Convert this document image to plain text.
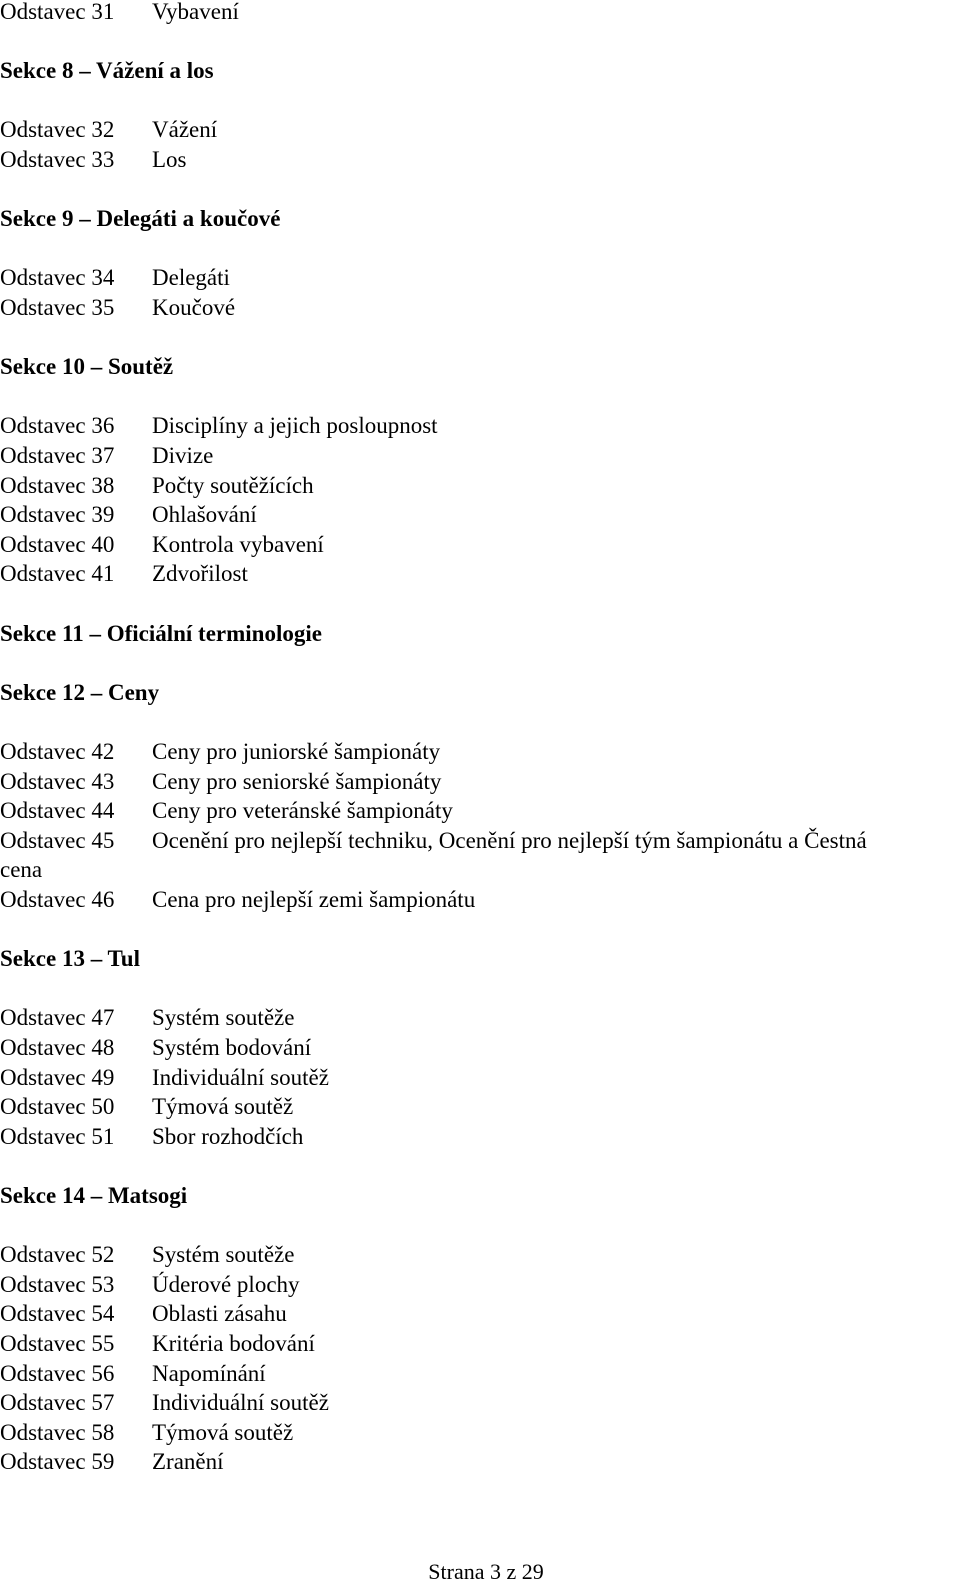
Odstavec 31 Vybavení
Sekce 8 – Vážení a los
Odstavec 32 Vážení
Odstavec 33 Los
Sekce 9 – Delegáti a koučové
Odstavec 34 Delegáti
Odstavec 35 Koučové
Sekce 10 – Soutěž
Odstavec 36 Disciplíny a jejich posloupnost
Odstavec 37 Divize
Odstavec 38 Počty soutěžících
Odstavec 39 Ohlašování
Odstavec 40 Kontrola vybavení
Odstavec 41 Zdvořilost
Sekce 11 – Oficiální terminologie
Sekce 12 – Ceny
Odstavec 42 Ceny pro juniorské šampionáty
Odstavec 43 Ceny pro seniorské šampionáty
Odstavec 44 Ceny pro veteránské šampionáty
Odstavec 45 Ocenění pro nejlepší techniku, Ocenění pro nejlepší tým šampionátu a Čestná
cena
Odstavec 46 Cena pro nejlepší zemi šampionátu
Sekce 13 – Tul
Odstavec 47 Systém soutěže
Odstavec 48 Systém bodování
Odstavec 49 Individuální soutěž
Odstavec 50 Týmová soutěž
Odstavec 51 Sbor rozhodčích
Sekce 14 – Matsogi
Odstavec 52 Systém soutěže
Odstavec 53 Úderové plochy
Odstavec 54 Oblasti zásahu
Odstavec 55 Kritéria bodování
Odstavec 56 Napomínání
Odstavec 57 Individuální soutěž
Odstavec 58 Týmová soutěž
Odstavec 59 Zranění
Strana 3 z 29
